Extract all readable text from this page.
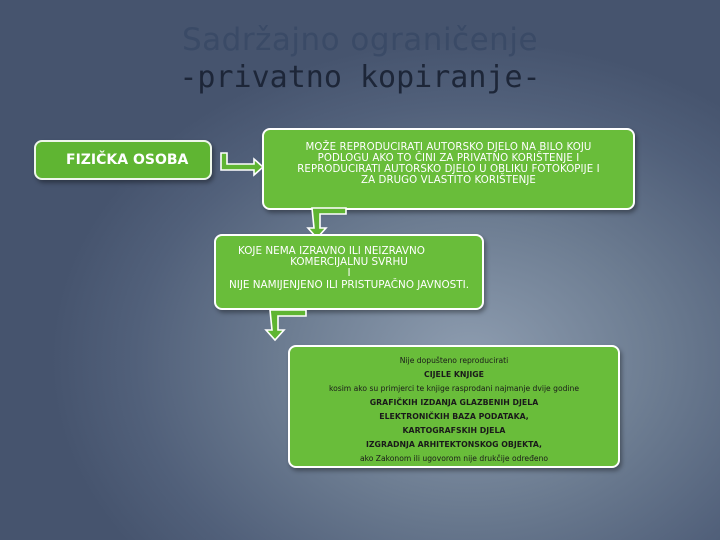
Sadržajno ograničenje
-privatno kopiranje-
FIZIČKA OSOBA
MOŽE REPRODUCIRATI AUTORSKO DJELO NA BILO KOJU
PODLOGU AKO TO ČINI ZA PRIVATNO KORIŠTENJE I
REPRODUCIRATI AUTORSKO DJELO U OBLIKU FOTOKOPIJE I
ZA DRUGO VLASTITO KORIŠTENJE
KOJE NEMA IZRAVNO ILI NEIZRAVNO
KOMERCIJALNU SVRHU
I
NIJE NAMIJENJENO ILI PRISTUPAČNO JAVNOSTI.
Nije dopušteno reproducirati
CIJELE KNJIGE
kosim ako su primjerci te knjige rasprodani najmanje dvije godine
GRAFIČKIH IZDANJA GLAZBENIH DJELA
ELEKTRONIČKIH BAZA PODATAKA,
KARTOGRAFSKIH DJELA
IZGRADNJA ARHITEKTONSKOG OBJEKTA,
ako Zakonom ili ugovorom nije drukčije određeno
